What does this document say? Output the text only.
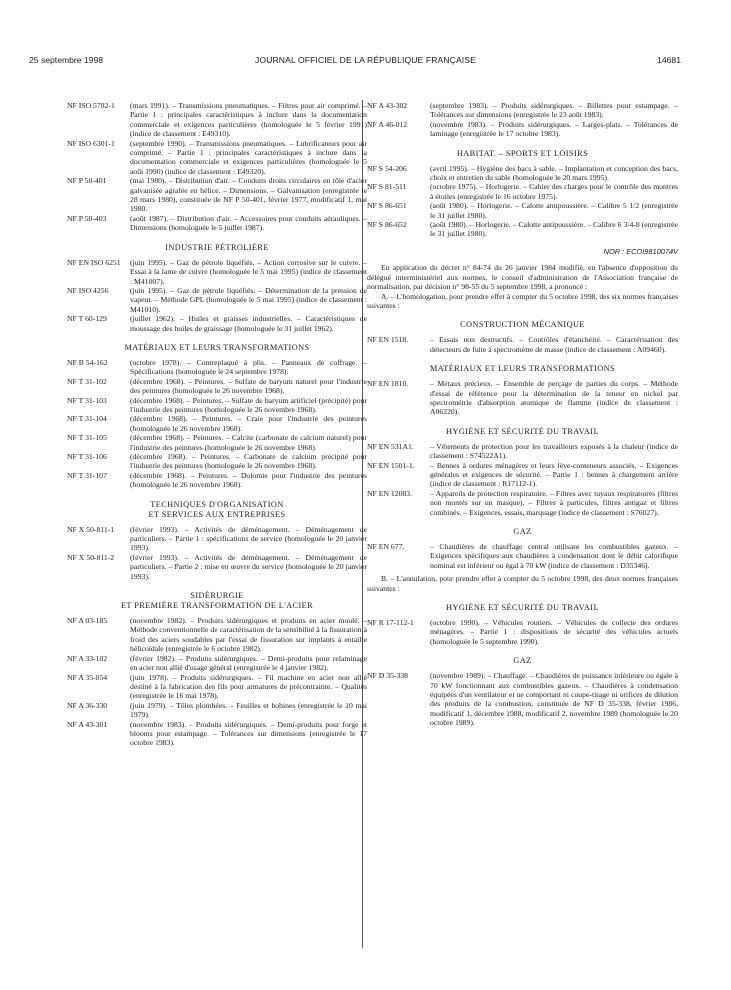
25 septembre 1998	JOURNAL OFFICIEL DE LA RÉPUBLIQUE FRANÇAISE	14681
NF ISO 5782-1 (mars 1991). – Transmissions pneumatiques. – Filtres pour air comprimé. – Partie 1 : principales caractéristiques à inclure dans la documentation commerciale et exigences particulières (homologuée le 5 février 1991) (indice de classement : E49310).
NF ISO 6301-1 (septembre 1990). – Transmissions pneumatiques. – Lubrificateurs pour air comprimé. – Partie 1 : principales caractéristiques à inclure dans la documentation commerciale et exigences particulières (homologuée le 5 août 1990) (indice de classement : E49320).
NF P 50-401	(mai 1980). – Distribution d'air. – Conduits droits circulaires en tôle d'acier galvanisée agrafée en hélice. – Dimensions. – Galvanisation (enregistrée le 28 mars 1980), constituée de NF P 50-401, février 1977, modificatif 1, mai 1980.
NF P 50-403	(août 1987). – Distribution d'air. – Accessoires pour conduits aérauliques. – Dimensions (homologuée le 5 juillet 1987).
INDUSTRIE PÉTROLIÈRE
NF EN ISO 6251 (juin 1995). – Gaz de pétrole liquéfiés. – Action corrosive sur le cuivre. – Essai à la lame de cuivre (homologuée le 5 mai 1995) (indice de classement : M41007).
NF ISO 4256	(juin 1995). – Gaz de pétrole liquéfiés. – Détermination de la pression de vapeur. – Méthode GPL (homologuée le 5 mai 1995) (indice de classement : M41010).
NF T 60-129	(juillet 1962). – Huiles et graisses industrielles. – Caractéristiques de moussage des huiles de graissage (homologuée le 31 juillet 1962).
MATÉRIAUX ET LEURS TRANSFORMATIONS
NF B 54-162	(octobre 1978). – Contreplaqué à plis. – Panneaux de coffrage. – Spécifications (homologuée le 24 septembre 1978).
NF T 31-102	(décembre 1968). – Peintures. – Sulfate de baryum naturel pour l'industrie des peintures (homologuée le 26 novembre 1968).
NF T 31-103	(décembre 1968). – Peintures. – Sulfate de baryum artificiel (précipité) pour l'industrie des peintures (homologuée le 26 novembre 1968).
NF T 31-104	(décembre 1968). – Peintures. – Craie pour l'industrie des peintures (homologuée le 26 novembre 1968).
NF T 31-105	(décembre 1968). – Peintures. – Calcite (carbonate de calcium naturel) pour l'industrie des peintures (homologuée le 26 novembre 1968).
NF T 31-106	(décembre 1968). – Peintures. – Carbonate de calcium précipité pour l'industrie des peintures (homologuée le 26 novembre 1968).
NF T 31-107	(décembre 1968). – Peintures. – Dolomie pour l'industrie des peintures (homologuée le 26 novembre 1968).
TECHNIQUES D'ORGANISATION
ET SERVICES AUX ENTREPRISES
NF X 50-811-1 (février 1993). – Activités de déménagement. – Déménagement de particuliers. – Partie 1 : spécifications de service (homologuée le 20 janvier 1993).
NF X 50-811-2 (février 1993). – Activités de déménagement. – Déménagement de particuliers. – Partie 2 : mise en œuvre du service (homologuée le 20 janvier 1993).
SIDÉRURGIE
ET PREMIÈRE TRANSFORMATION DE L'ACIER
NF A 03-185	(novembre 1982). – Produits sidérurgiques et produits en acier moulé. – Méthode conventionnelle de caractérisation de la sensibilité à la fissuration à froid des aciers soudables par l'essai de fissuration sur implants à entaille hélicoïdale (enregistrée le 6 octobre 1982).
NF A 33-102	(février 1982). – Produits sidérurgiques. – Demi-produits pour relaminage en acier non allié d'usage général (enregistrée le 4 janvier 1982).
NF A 35-054	(juin 1978). – Produits sidérurgiques. – Fil machine en acier non allié destiné à la fabrication des fils pour armatures de précontrainte. – Qualités (enregistrée le 16 mai 1978).
NF A 36-330	(juin 1979). – Tôles plombées. – Feuilles et bobines (enregistrée le 10 mai 1979).
NF A 43-301	(novembre 1983). – Produits sidérurgiques. – Demi-produits pour forge et blooms pour estampage. – Tolérances sur dimensions (enregistrée le 17 octobre 1983).
NF A 43-302	(septembre 1983). – Produits sidérurgiques. – Billettes pour estampage. – Tolérances sur dimensions (enregistrée le 23 août 1983).
NF A 46-012	(novembre 1983). – Produits sidérurgiques. – Larges-plats. – Tolérances de laminage (enregistrée le 17 octobre 1983).
HABITAT. – SPORTS ET LOISIRS
NF S 54-206	(avril 1995). – Hygiène des bacs à sable. – Implantation et conception des bacs, choix et entretien du sable (homologuée le 20 mars 1995).
NF S 81-511	(octobre 1975). – Horlogerie. – Cahier des charges pour le contrôle des montres à étoiles (enregistrée le 16 octobre 1975).
NF S 86-651	(août 1980). – Horlogerie. – Calotte antipoussière. – Calibre 5 1/2 (enregistrée le 31 juillet 1980).
NF S 86-652	(août 1980). – Horlogerie. – Calotte antipoussière. – Calibre 6 3/4-8 (enregistrée le 31 juillet 1980).
NOR : ECOI9810074V

En application du décret n° 84-74 du 26 janvier 1984 modifié, en l'absence d'opposition du délégué interministériel aux normes, le conseil d'administration de l'Association française de normalisation, par décision n° 98-55 du 5 septembre 1998, a prononcé :

A. – L'homologation, pour prendre effet à compter du 5 octobre 1998, des six normes françaises suivantes :

CONSTRUCTION MÉCANIQUE
NF EN 1518.	– Essais non destructifs. – Contrôles d'étanchéité. – Caractérisation des détecteurs de fuite à spectromètre de masse (indice de classement : A09460).
MATÉRIAUX ET LEURS TRANSFORMATIONS
NF EN 1810.	– Métaux précieux. – Ensemble de perçage de parties du corps. – Méthode d'essai de référence pour la détermination de la teneur en nickel par spectrométrie d'absorption atomique de flamme (indice de classement : A06220).
HYGIÈNE ET SÉCURITÉ DU TRAVAIL
NF EN 531A1. – Vêtements de protection pour les travailleurs exposés à la chaleur (indice de classement : S74522A1).
NF EN 1501-1. – Bennes à ordures ménagères et leurs lève-conteneurs associés. – Exigences générales et exigences de sécurité. – Partie 1 : bennes à chargement arrière (indice de classement : R17112-1).
NF EN 12083. – Appareils de protection respiratoire. – Filtres avec tuyaux respiratoires (filtres non montés sur un masque). – Filtres à particules, filtres antigaz et filtres combinés. – Exigences, essais, marquage (indice de classement : S76027).
GAZ
NF EN 677.	– Chaudières de chauffage central utilisant les combustibles gazeux. – Exigences spécifiques aux chaudières à condensation dont le débit calorifique nominal est inférieur ou égal à 70 kW (indice de classement : D35346).

B. – L'annulation, pour prendre effet à compter du 5 octobre 1998, des deux normes françaises suivantes :

HYGIÈNE ET SÉCURITÉ DU TRAVAIL
NF R 17-112-1 (octobre 1990). – Véhicules routiers. – Véhicules de collecte des ordures ménagères. – Partie 1 : dispositions de sécurité des véhicules actuels (homologuée le 5 septembre 1990).
GAZ
NF D 35-338	(novembre 1989). – Chauffage. – Chaudières de puissance inférieure ou égale à 70 kW fonctionnant aux combustibles gazeux. – Chaudières à condensation équipées d'un ventilateur et ne comportant ni coupe-tirage ni orifices de dilution des produits de la combustion, constituée de NF D 35-338, février 1986, modificatif 1, décembre 1988, modificatif 2, novembre 1989 (homologuée le 20 octobre 1989).
